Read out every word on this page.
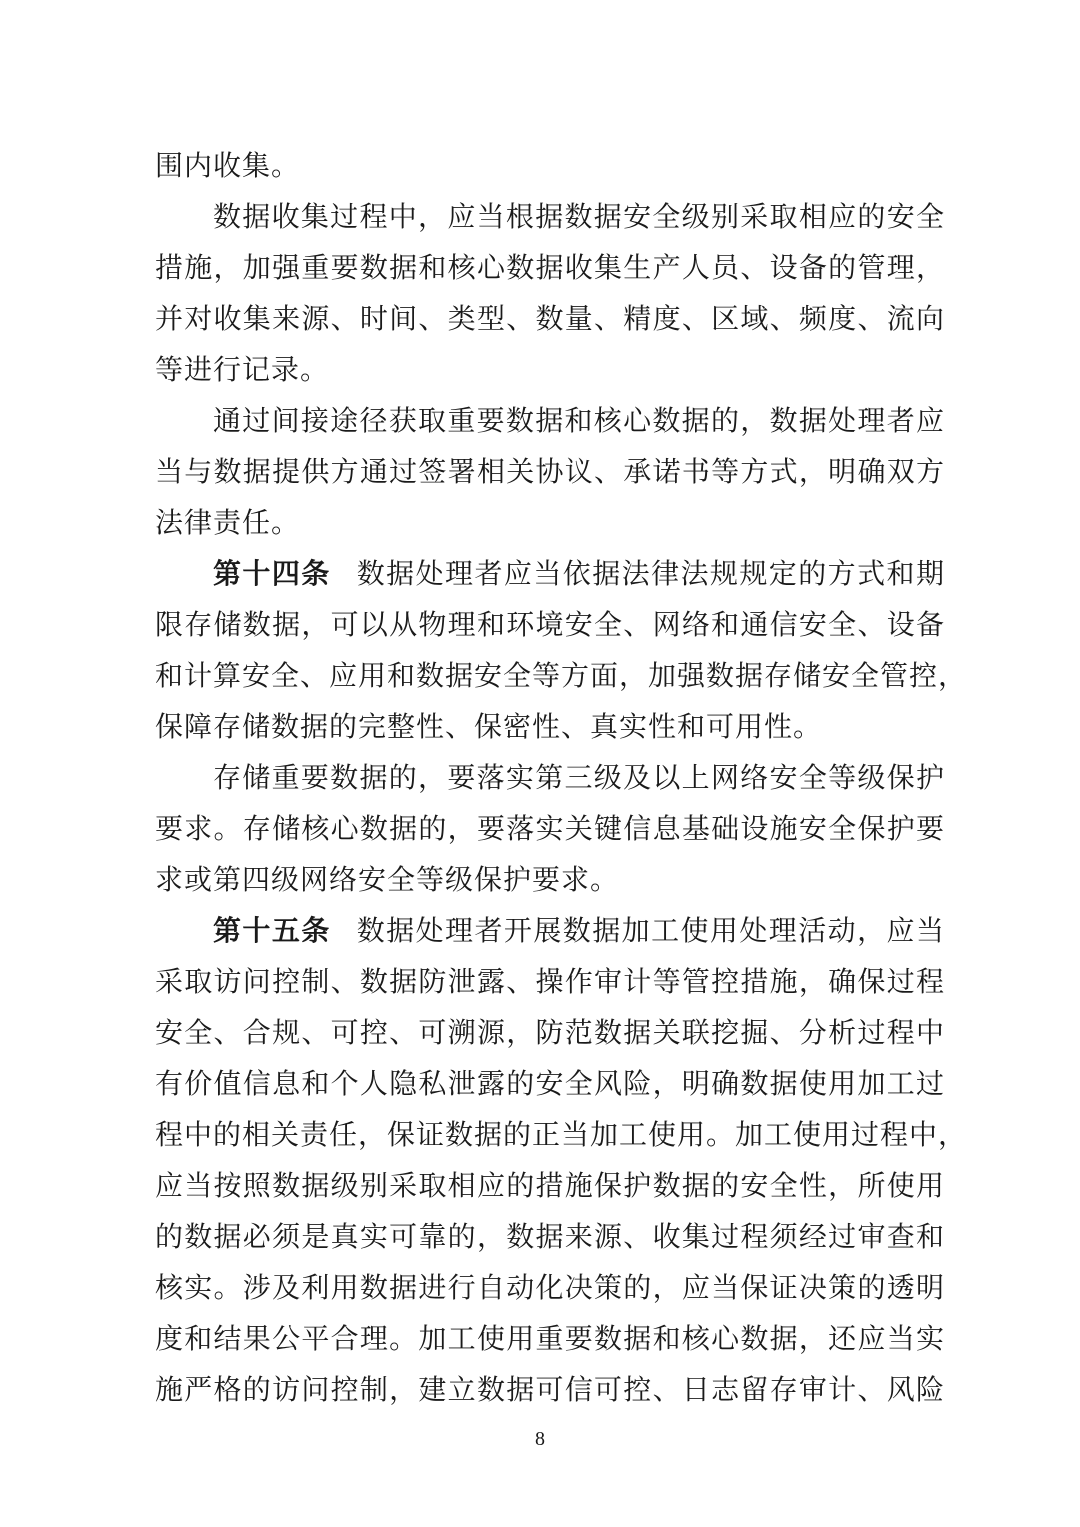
围内收集。
数据收集过程中，应当根据数据安全级别采取相应的安全
措施，加强重要数据和核心数据收集生产人员、设备的管理，
并对收集来源、时间、类型、数量、精度、区域、频度、流向
等进行记录。
通过间接途径获取重要数据和核心数据的，数据处理者应
当与数据提供方通过签署相关协议、承诺书等方式，明确双方
法律责任。
第十四条 数据处理者应当依据法律法规规定的方式和期
限存储数据，可以从物理和环境安全、网络和通信安全、设备
和计算安全、应用和数据安全等方面，加强数据存储安全管控，
保障存储数据的完整性、保密性、真实性和可用性。
存储重要数据的，要落实第三级及以上网络安全等级保护
要求。存储核心数据的，要落实关键信息基础设施安全保护要
求或第四级网络安全等级保护要求。
第十五条 数据处理者开展数据加工使用处理活动，应当
采取访问控制、数据防泄露、操作审计等管控措施，确保过程
安全、合规、可控、可溯源，防范数据关联挖掘、分析过程中
有价值信息和个人隐私泄露的安全风险，明确数据使用加工过
程中的相关责任，保证数据的正当加工使用。加工使用过程中，
应当按照数据级别采取相应的措施保护数据的安全性，所使用
的数据必须是真实可靠的，数据来源、收集过程须经过审查和
核实。涉及利用数据进行自动化决策的，应当保证决策的透明
度和结果公平合理。加工使用重要数据和核心数据，还应当实
施严格的访问控制，建立数据可信可控、日志留存审计、风险
8
